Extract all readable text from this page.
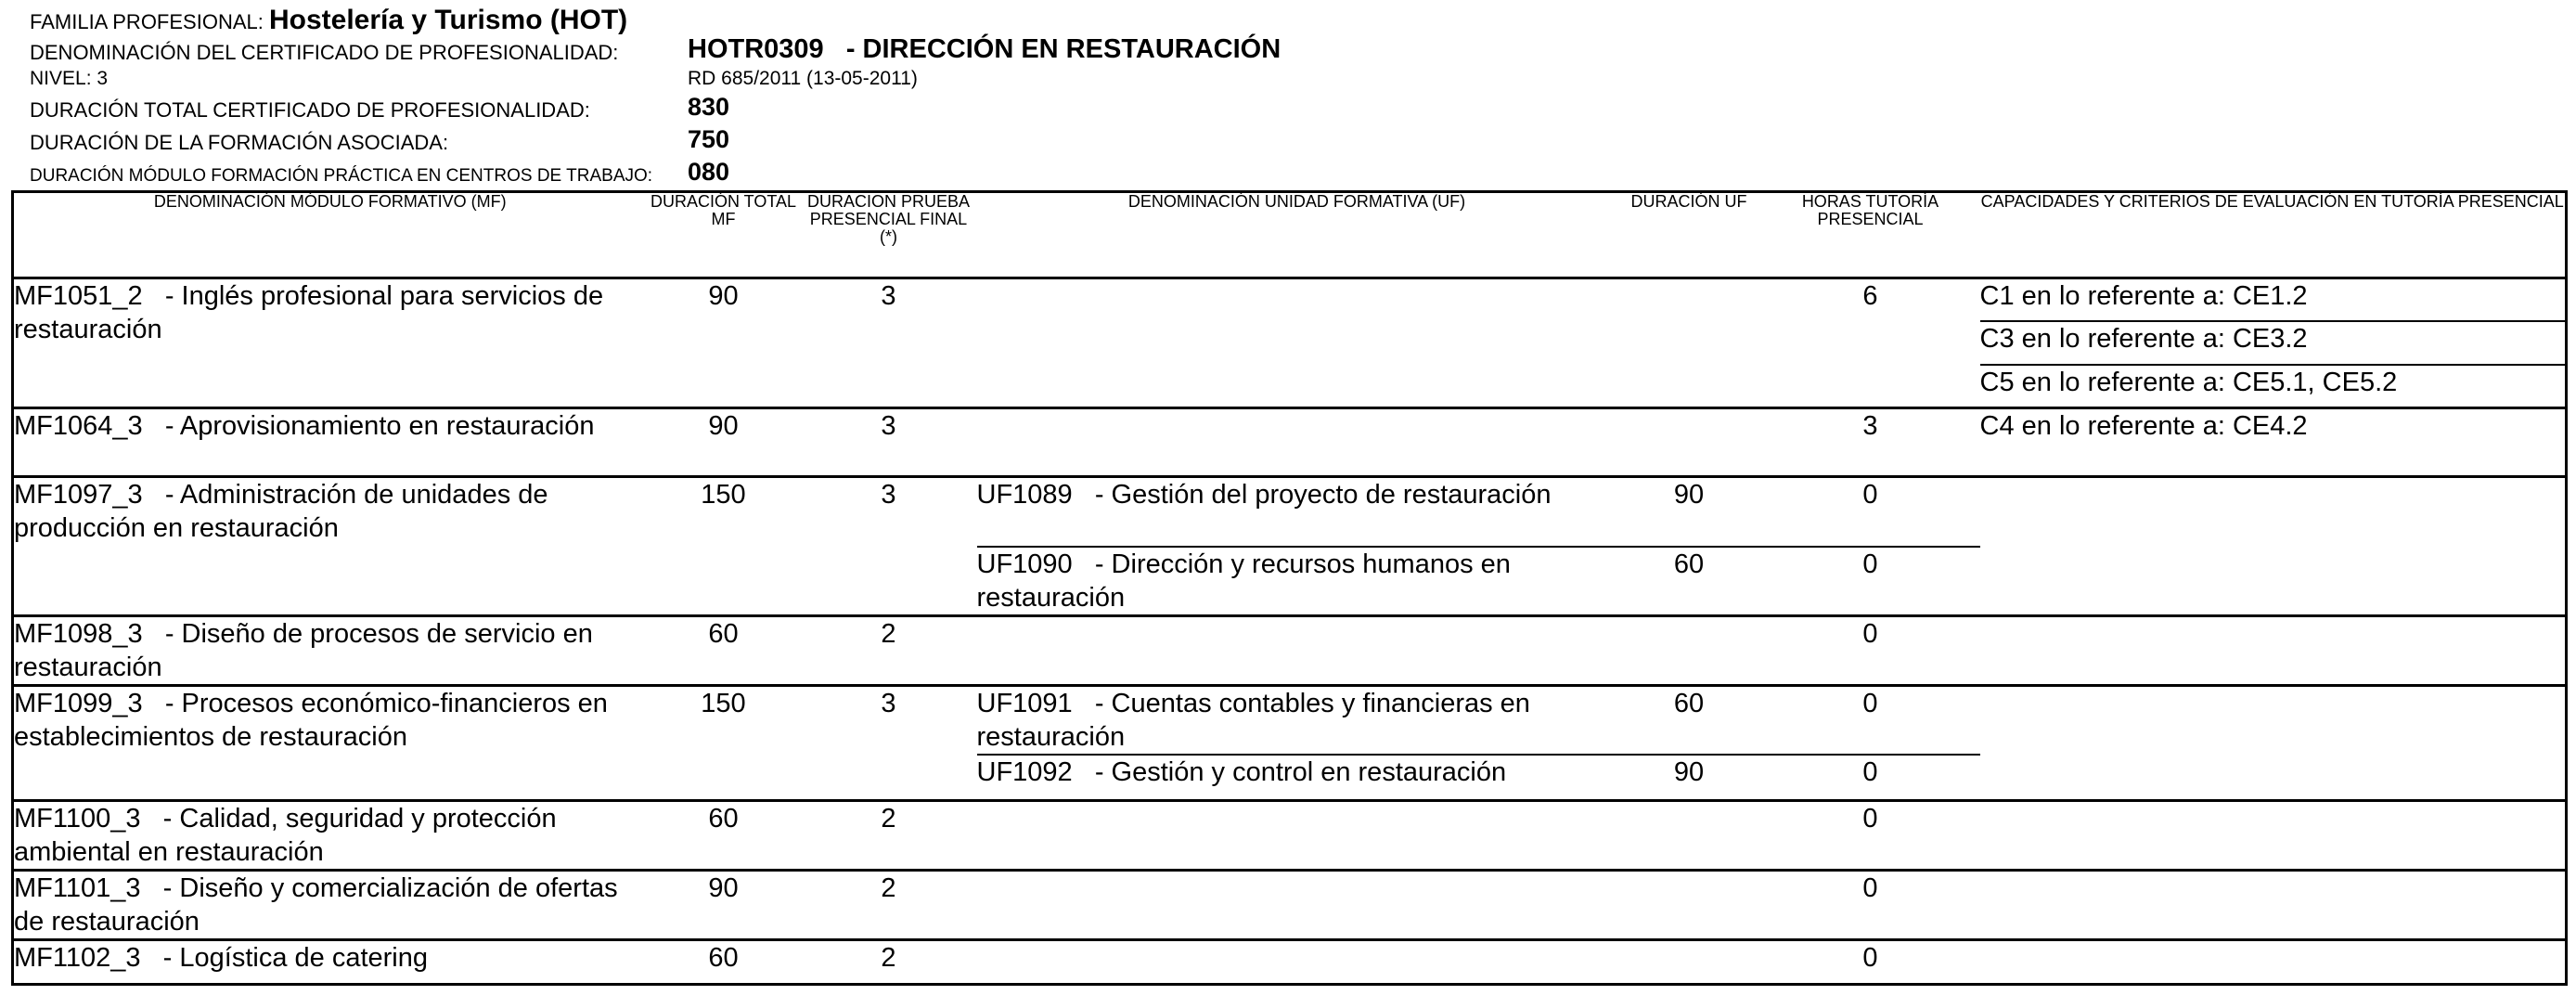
FAMILIA PROFESIONAL: Hostelería y Turismo (HOT)
DENOMINACIÓN DEL CERTIFICADO DE PROFESIONALIDAD:	HOTR0309   - DIRECCIÓN EN RESTAURACIÓN
NIVEL: 3	RD 685/2011 (13-05-2011)
DURACIÓN TOTAL CERTIFICADO DE PROFESIONALIDAD:	830
DURACIÓN DE LA FORMACIÓN ASOCIADA:	750
DURACIÓN MÓDULO FORMACIÓN PRÁCTICA EN CENTROS DE TRABAJO: 080
DENOMINACIÓN MÓDULO FORMATIVO (MF)	DURACIÓN TOTAL MF	DURACION PRUEBA PRESENCIAL FINAL (*)	DENOMINACIÓN UNIDAD FORMATIVA (UF)	DURACIÓN UF	HORAS TUTORÍA PRESENCIAL	CAPACIDADES Y CRITERIOS DE EVALUACIÓN EN TUTORÍA PRESENCIAL
MF1051_2   - Inglés profesional para servicios de restauración	90	3			6	C1 en lo referente a: CE1.2
						C3 en lo referente a: CE3.2
						C5 en lo referente a: CE5.1, CE5.2
MF1064_3   - Aprovisionamiento en restauración	90	3			3	C4 en lo referente a: CE4.2
MF1097_3   - Administración de unidades de producción en restauración	150	3	UF1089   - Gestión del proyecto de restauración	90	0	
			UF1090   - Dirección y recursos humanos en restauración	60	0	
MF1098_3   - Diseño de procesos de servicio en restauración	60	2			0	
MF1099_3   - Procesos económico-financieros en establecimientos de restauración	150	3	UF1091   - Cuentas contables y financieras en restauración	60	0	
			UF1092   - Gestión y control en restauración	90	0	
MF1100_3   - Calidad, seguridad y protección ambiental en restauración	60	2			0	
MF1101_3   - Diseño y comercialización de ofertas de restauración	90	2			0	
MF1102_3   - Logística de catering	60	2			0	
